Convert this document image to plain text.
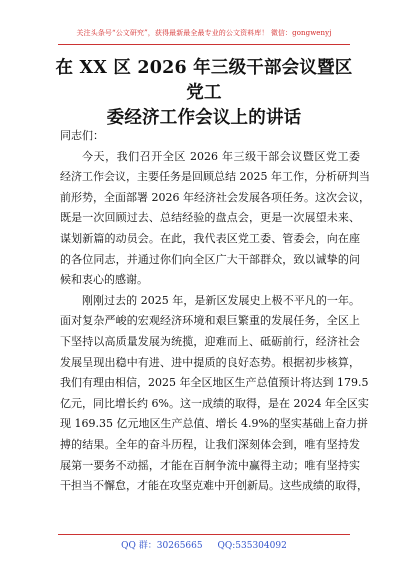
关注头条号“公文研究”，获得最新最全最专业的公文资料库！ 微信：gongwenyj
在 XX 区 2026 年三级干部会议暨区党工
委经济工作会议上的讲话

同志们：

今天，我们召开全区 2026 年三级干部会议暨区党工委
经济工作会议，主要任务是回顾总结 2025 年工作，分析研判当
前形势，全面部署 2026 年经济社会发展各项任务。这次会议，
既是一次回顾过去、总结经验的盘点会，更是一次展望未来、
谋划新篇的动员会。在此，我代表区党工委、管委会，向在座
的各位同志，并通过你们向全区广大干部群众，致以诚挚的问
候和衷心的感谢。
刚刚过去的 2025 年，是新区发展史上极不平凡的一年。
面对复杂严峻的宏观经济环境和艰巨繁重的发展任务，全区上
下坚持以高质量发展为统揽，迎难而上、砥砺前行，经济社会
发展呈现出稳中有进、进中提质的良好态势。根据初步核算，
我们有理由相信，2025 年全区地区生产总值预计将达到 179.5
亿元，同比增长约 6%。这一成绩的取得，是在 2024 年全区实
现 169.35 亿元地区生产总值、增长 4.9%的坚实基础上奋力拼
搏的结果。全年的奋斗历程，让我们深刻体会到，唯有坚持发
展第一要务不动摇，才能在百舸争流中赢得主动；唯有坚持实
干担当不懈怠，才能在攻坚克难中开创新局。这些成绩的取得，
QQ 群：30265665 QQ:535304092
